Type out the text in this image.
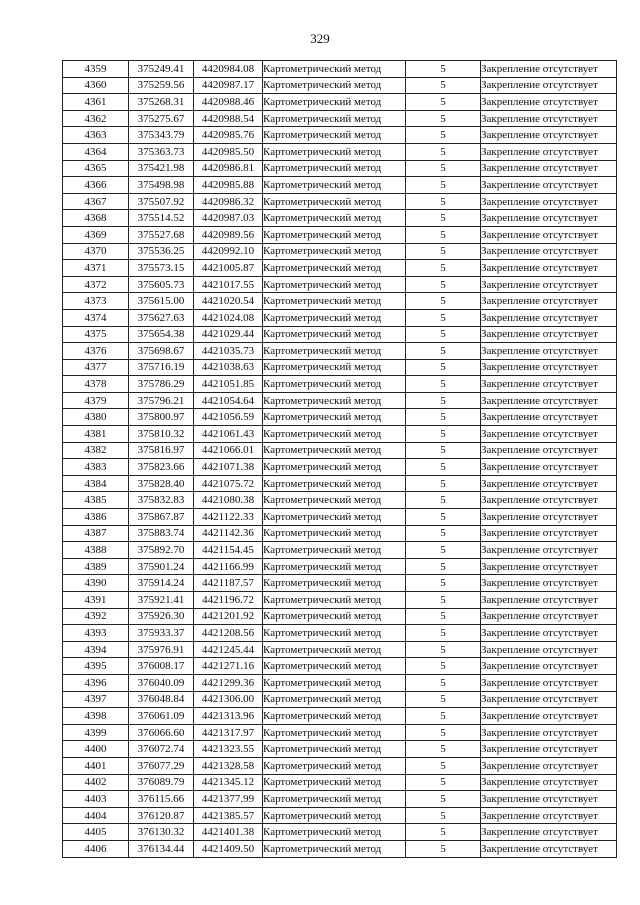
329
4359	375249.41	4420984.08	Картометрический метод	5	Закрепление отсутствует
4360	375259.56	4420987.17	Картометрический метод	5	Закрепление отсутствует
4361	375268.31	4420988.46	Картометрический метод	5	Закрепление отсутствует
4362	375275.67	4420988.54	Картометрический метод	5	Закрепление отсутствует
4363	375343.79	4420985.76	Картометрический метод	5	Закрепление отсутствует
4364	375363.73	4420985.50	Картометрический метод	5	Закрепление отсутствует
4365	375421.98	4420986.81	Картометрический метод	5	Закрепление отсутствует
4366	375498.98	4420985.88	Картометрический метод	5	Закрепление отсутствует
4367	375507.92	4420986.32	Картометрический метод	5	Закрепление отсутствует
4368	375514.52	4420987.03	Картометрический метод	5	Закрепление отсутствует
4369	375527.68	4420989.56	Картометрический метод	5	Закрепление отсутствует
4370	375536.25	4420992.10	Картометрический метод	5	Закрепление отсутствует
4371	375573.15	4421005.87	Картометрический метод	5	Закрепление отсутствует
4372	375605.73	4421017.55	Картометрический метод	5	Закрепление отсутствует
4373	375615.00	4421020.54	Картометрический метод	5	Закрепление отсутствует
4374	375627.63	4421024.08	Картометрический метод	5	Закрепление отсутствует
4375	375654.38	4421029.44	Картометрический метод	5	Закрепление отсутствует
4376	375698.67	4421035.73	Картометрический метод	5	Закрепление отсутствует
4377	375716.19	4421038.63	Картометрический метод	5	Закрепление отсутствует
4378	375786.29	4421051.85	Картометрический метод	5	Закрепление отсутствует
4379	375796.21	4421054.64	Картометрический метод	5	Закрепление отсутствует
4380	375800.97	4421056.59	Картометрический метод	5	Закрепление отсутствует
4381	375810.32	4421061.43	Картометрический метод	5	Закрепление отсутствует
4382	375816.97	4421066.01	Картометрический метод	5	Закрепление отсутствует
4383	375823.66	4421071.38	Картометрический метод	5	Закрепление отсутствует
4384	375828.40	4421075.72	Картометрический метод	5	Закрепление отсутствует
4385	375832.83	4421080.38	Картометрический метод	5	Закрепление отсутствует
4386	375867.87	4421122.33	Картометрический метод	5	Закрепление отсутствует
4387	375883.74	4421142.36	Картометрический метод	5	Закрепление отсутствует
4388	375892.70	4421154.45	Картометрический метод	5	Закрепление отсутствует
4389	375901.24	4421166.99	Картометрический метод	5	Закрепление отсутствует
4390	375914.24	4421187.57	Картометрический метод	5	Закрепление отсутствует
4391	375921.41	4421196.72	Картометрический метод	5	Закрепление отсутствует
4392	375926.30	4421201.92	Картометрический метод	5	Закрепление отсутствует
4393	375933.37	4421208.56	Картометрический метод	5	Закрепление отсутствует
4394	375976.91	4421245.44	Картометрический метод	5	Закрепление отсутствует
4395	376008.17	4421271.16	Картометрический метод	5	Закрепление отсутствует
4396	376040.09	4421299.36	Картометрический метод	5	Закрепление отсутствует
4397	376048.84	4421306.00	Картометрический метод	5	Закрепление отсутствует
4398	376061.09	4421313.96	Картометрический метод	5	Закрепление отсутствует
4399	376066.60	4421317.97	Картометрический метод	5	Закрепление отсутствует
4400	376072.74	4421323.55	Картометрический метод	5	Закрепление отсутствует
4401	376077.29	4421328.58	Картометрический метод	5	Закрепление отсутствует
4402	376089.79	4421345.12	Картометрический метод	5	Закрепление отсутствует
4403	376115.66	4421377.99	Картометрический метод	5	Закрепление отсутствует
4404	376120.87	4421385.57	Картометрический метод	5	Закрепление отсутствует
4405	376130.32	4421401.38	Картометрический метод	5	Закрепление отсутствует
4406	376134.44	4421409.50	Картометрический метод	5	Закрепление отсутствует
